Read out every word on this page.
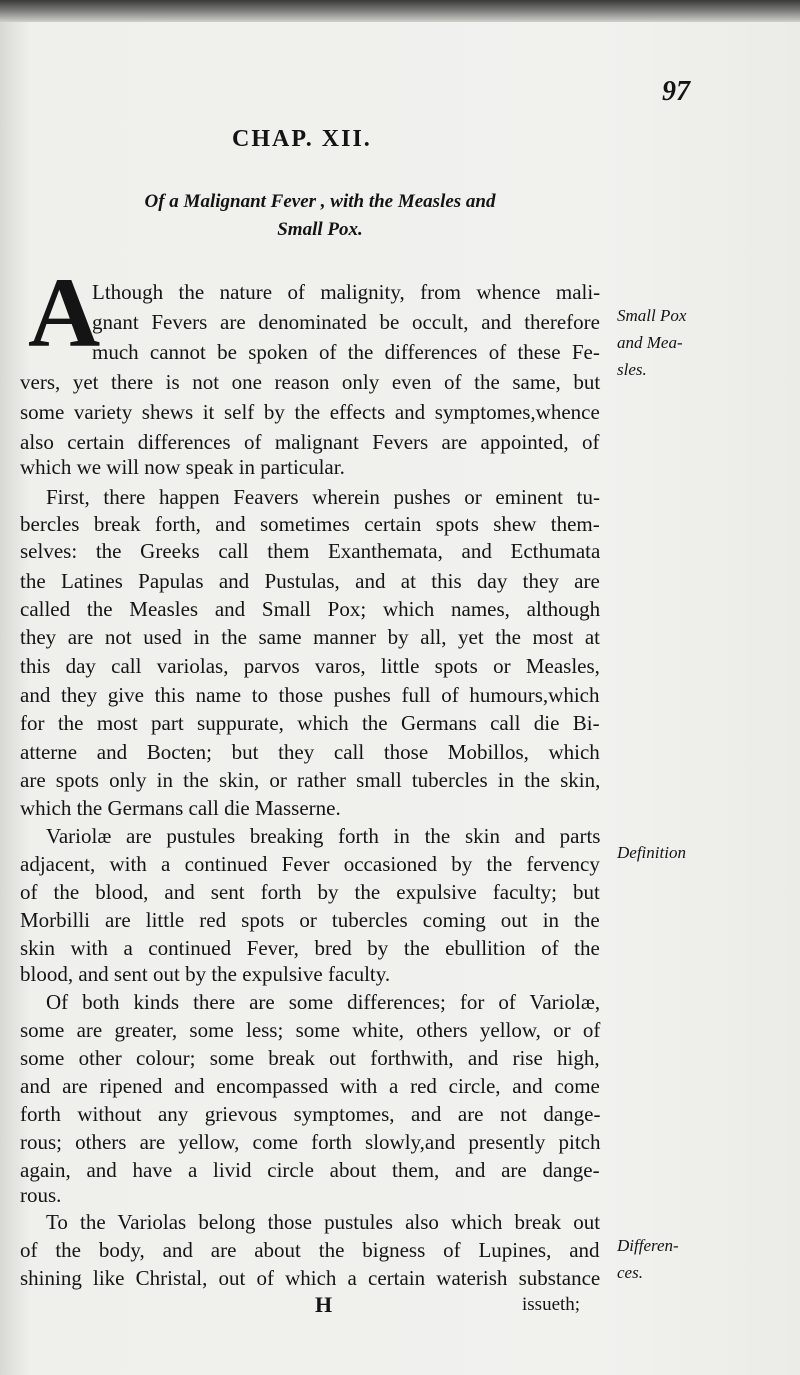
97
CHAP. XII.
Of a Malignant Fever , with the Measles and
Small Pox.
A
Lthough the nature of malignity, from whence mali-
gnant Fevers are denominated be occult, and therefore
much cannot be spoken of the differences of these Fe-
vers, yet there is not one reason only even of the same, but
some variety shews it self by the effects and symptomes,whence
also certain differences of malignant Fevers are appointed, of
which we will now speak in particular.
First, there happen Feavers wherein pushes or eminent tu-
bercles break forth, and sometimes certain spots shew them-
selves: the Greeks call them Exanthemata, and Ecthumata
the Latines Papulas and Pustulas, and at this day they are
called the Measles and Small Pox; which names, although
they are not used in the same manner by all, yet the most at
this day call variolas, parvos varos, little spots or Measles,
and they give this name to those pushes full of humours,which
for the most part suppurate, which the Germans call die Bi-
atterne and Bocten; but they call those Mobillos, which
are spots only in the skin, or rather small tubercles in the skin,
which the Germans call die Masserne.
Variolæ are pustules breaking forth in the skin and parts
adjacent, with a continued Fever occasioned by the fervency
of the blood, and sent forth by the expulsive faculty; but
Morbilli are little red spots or tubercles coming out in the
skin with a continued Fever, bred by the ebullition of the
blood, and sent out by the expulsive faculty.
Of both kinds there are some differences; for of Variolæ,
some are greater, some less; some white, others yellow, or of
some other colour; some break out forthwith, and rise high,
and are ripened and encompassed with a red circle, and come
forth without any grievous symptomes, and are not dange-
rous; others are yellow, come forth slowly,and presently pitch
again, and have a livid circle about them, and are dange-
rous.
To the Variolas belong those pustules also which break out
of the body, and are about the bigness of Lupines, and
shining like Christal, out of which a certain waterish substance
Small Pox
and Mea-
sles.
Definition
Differen-
ces.
H	issueth;
